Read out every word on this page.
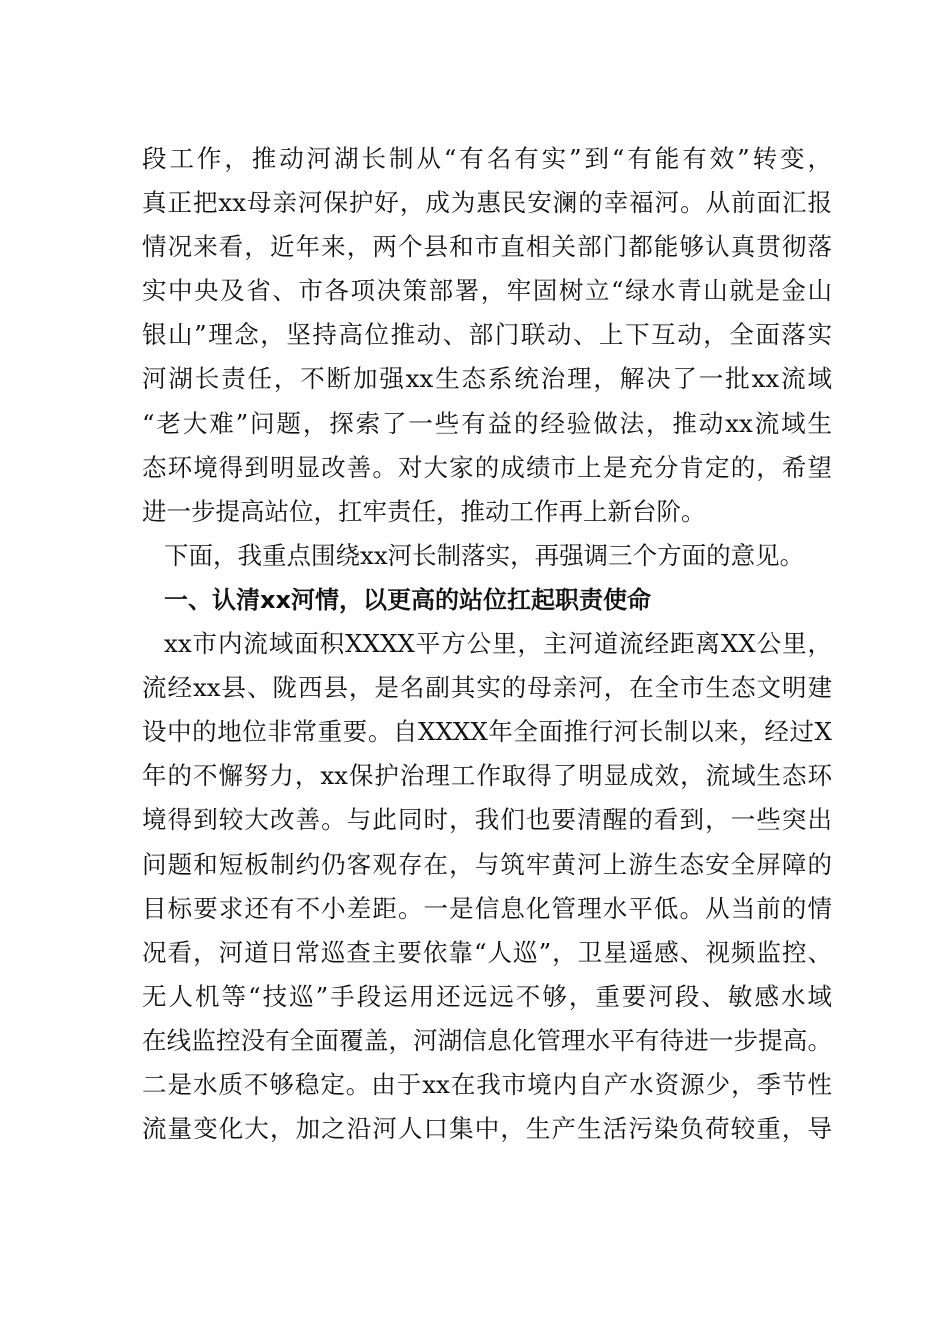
段工作，推动河湖长制从“有名有实”到“有能有效”转变，
真正把xx母亲河保护好，成为惠民安澜的幸福河。从前面汇报
情况来看，近年来，两个县和市直相关部门都能够认真贯彻落
实中央及省、市各项决策部署，牢固树立“绿水青山就是金山
银山”理念，坚持高位推动、部门联动、上下互动，全面落实
河湖长责任，不断加强xx生态系统治理，解决了一批xx流域
“老大难”问题，探索了一些有益的经验做法，推动xx流域生
态环境得到明显改善。对大家的成绩市上是充分肯定的，希望
进一步提高站位，扛牢责任，推动工作再上新台阶。
下面，我重点围绕xx河长制落实，再强调三个方面的意见。
一、认清xx河情，以更高的站位扛起职责使命
xx市内流域面积XXXX平方公里，主河道流经距离XX公里，
流经xx县、陇西县，是名副其实的母亲河，在全市生态文明建
设中的地位非常重要。自XXXX年全面推行河长制以来，经过X
年的不懈努力，xx保护治理工作取得了明显成效，流域生态环
境得到较大改善。与此同时，我们也要清醒的看到，一些突出
问题和短板制约仍客观存在，与筑牢黄河上游生态安全屏障的
目标要求还有不小差距。一是信息化管理水平低。从当前的情
况看，河道日常巡查主要依靠“人巡”，卫星遥感、视频监控、
无人机等“技巡”手段运用还远远不够，重要河段、敏感水域
在线监控没有全面覆盖，河湖信息化管理水平有待进一步提高。
二是水质不够稳定。由于xx在我市境内自产水资源少，季节性
流量变化大，加之沿河人口集中，生产生活污染负荷较重，导
